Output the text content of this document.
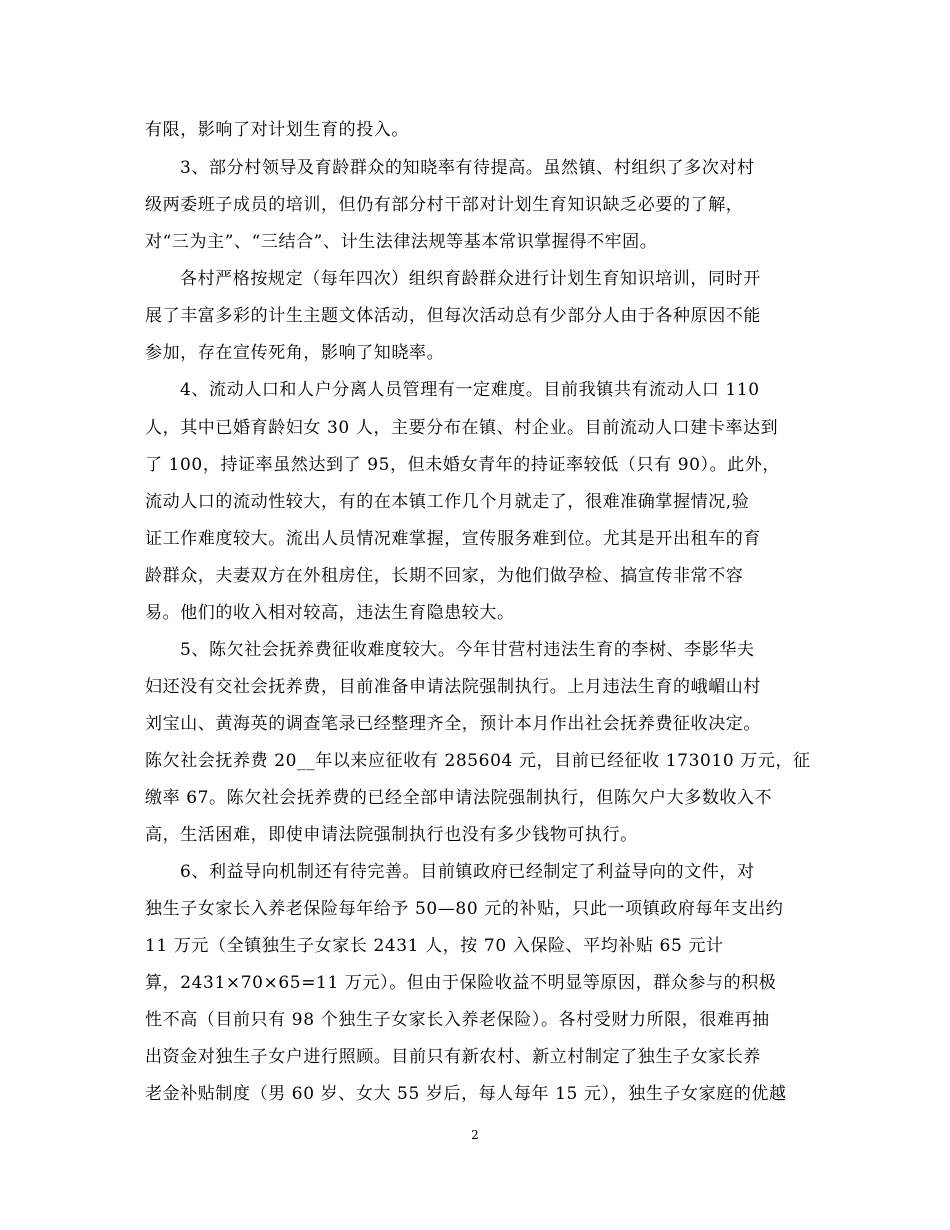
有限，影响了对计划生育的投入。
3、部分村领导及育龄群众的知晓率有待提高。虽然镇、村组织了多次对村
级两委班子成员的培训，但仍有部分村干部对计划生育知识缺乏必要的了解，
对“三为主”、“三结合”、计生法律法规等基本常识掌握得不牢固。
各村严格按规定（每年四次）组织育龄群众进行计划生育知识培训，同时开
展了丰富多彩的计生主题文体活动，但每次活动总有少部分人由于各种原因不能
参加，存在宣传死角，影响了知晓率。
4、流动人口和人户分离人员管理有一定难度。目前我镇共有流动人口 110
人，其中已婚育龄妇女 30 人，主要分布在镇、村企业。目前流动人口建卡率达到
了 100，持证率虽然达到了 95，但未婚女青年的持证率较低（只有 90）。此外，
流动人口的流动性较大，有的在本镇工作几个月就走了，很难准确掌握情况,验
证工作难度较大。流出人员情况难掌握，宣传服务难到位。尤其是开出租车的育
龄群众，夫妻双方在外租房住，长期不回家，为他们做孕检、搞宣传非常不容
易。他们的收入相对较高，违法生育隐患较大。
5、陈欠社会抚养费征收难度较大。今年甘营村违法生育的李树、李影华夫
妇还没有交社会抚养费，目前准备申请法院强制执行。上月违法生育的峨嵋山村
刘宝山、黄海英的调查笔录已经整理齐全，预计本月作出社会抚养费征收决定。
陈欠社会抚养费 20__年以来应征收有 285604 元，目前已经征收 173010 万元，征
缴率 67。陈欠社会抚养费的已经全部申请法院强制执行，但陈欠户大多数收入不
高，生活困难，即使申请法院强制执行也没有多少钱物可执行。
6、利益导向机制还有待完善。目前镇政府已经制定了利益导向的文件，对
独生子女家长入养老保险每年给予 50—80 元的补贴，只此一项镇政府每年支出约
11 万元（全镇独生子女家长 2431 人，按 70 入保险、平均补贴 65 元计
算，2431×70×65=11 万元）。但由于保险收益不明显等原因，群众参与的积极
性不高（目前只有 98 个独生子女家长入养老保险）。各村受财力所限，很难再抽
出资金对独生子女户进行照顾。目前只有新农村、新立村制定了独生子女家长养
老金补贴制度（男 60 岁、女大 55 岁后，每人每年 15 元），独生子女家庭的优越
2
